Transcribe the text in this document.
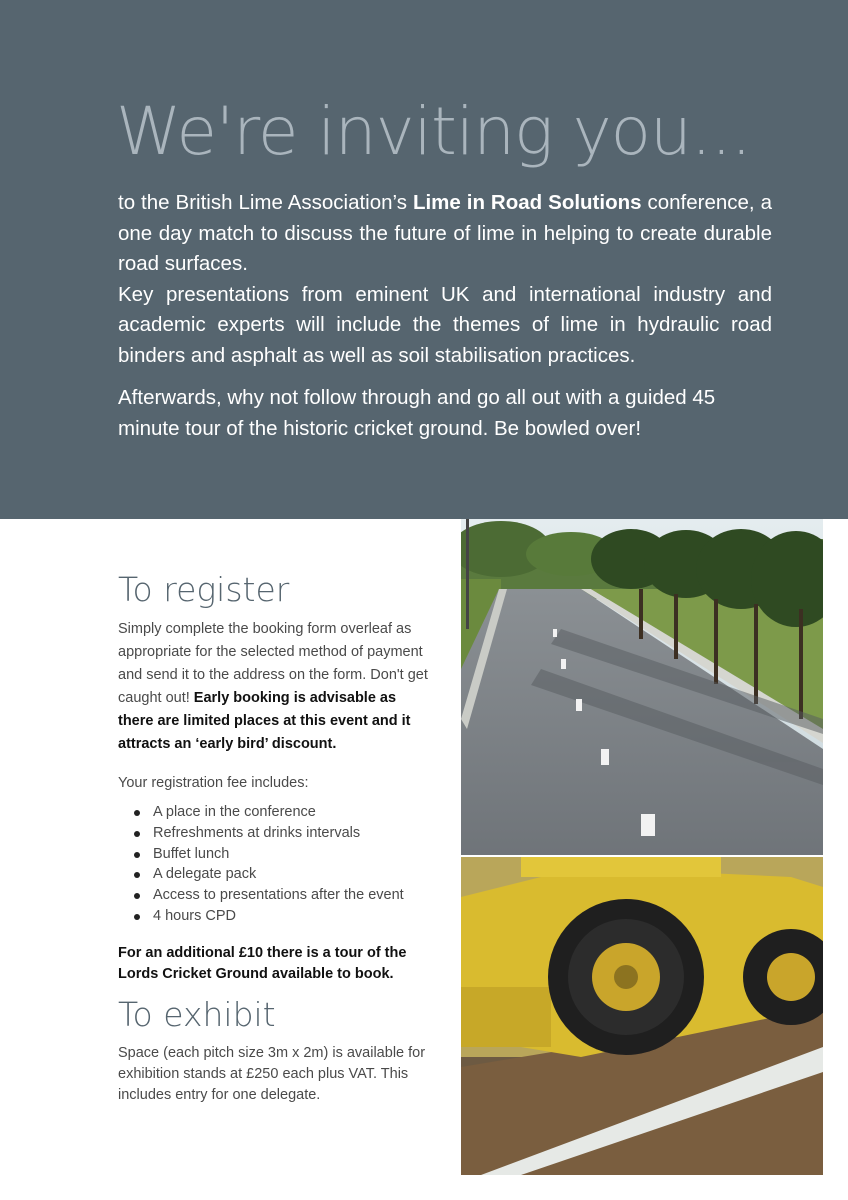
We're inviting you...

to the British Lime Association’s Lime in Road Solutions conference, a one day match to discuss the future of lime in helping to create durable road surfaces.

Key presentations from eminent UK and international industry and academic experts will include the themes of lime in hydraulic road binders and asphalt as well as soil stabilisation practices.

Afterwards, why not follow through and go all out with a guided 45 minute tour of the historic cricket ground. Be bowled over!

To register

Simply complete the booking form overleaf as appropriate for the selected method of payment and send it to the address on the form. Don't get caught out! Early booking is advisable as there are limited places at this event and it attracts an ‘early bird’ discount.

Your registration fee includes:

A place in the conference
Refreshments at drinks intervals
Buffet lunch
A delegate pack
Access to presentations after the event
4 hours CPD

For an additional £10 there is a tour of the Lords Cricket Ground available to book.

To exhibit

Space (each pitch size 3m x 2m) is available for exhibition stands at £250 each plus VAT. This includes entry for one delegate.
